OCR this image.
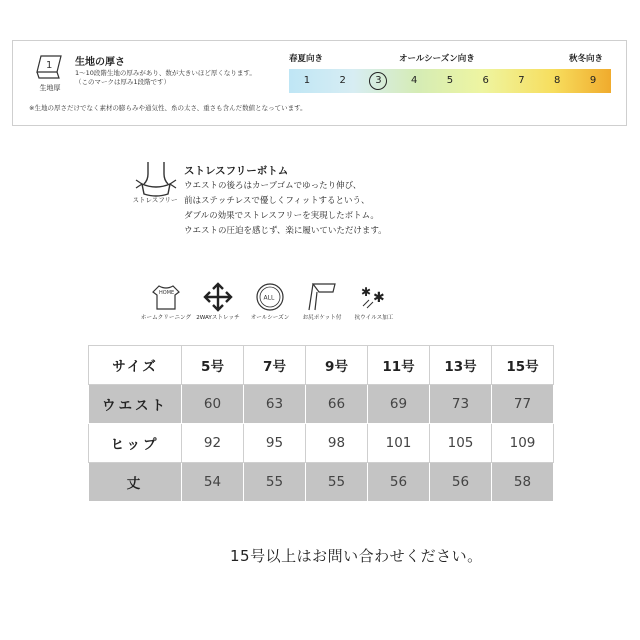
1
生地厚
生地の厚さ
1〜10段階生地の厚みがあり、数が大きいほど厚くなります。
（このマークは厚み1段階です）
※生地の厚さだけでなく素材の膨らみや通気性、糸の太さ、重さも含んだ数値となっています。
春夏向き	オールシーズン向き	秋冬向き
1	2	3	4	5	6	7	8	9
ストレスフリー
ストレスフリーボトム
ウエストの後ろはカーブゴムでゆったり伸び、
前はステッチレスで優しくフィットするという、
ダブルの効果でストレスフリーを実現したボトム。
ウエストの圧迫を感じず、楽に履いていただけます。
HOME
ホームクリーニング 2WAYストレッチ
ALL
オールシーズン	お尻ポケット付
✱ ✱
抗ウイルス加工
サイズ	5号	7号	9号	11号	13号	15号
ウエスト	60	63	66	69	73	77
ヒップ	92	95	98	101	105	109
丈	54	55	55	56	56	58
15号以上はお問い合わせください。
